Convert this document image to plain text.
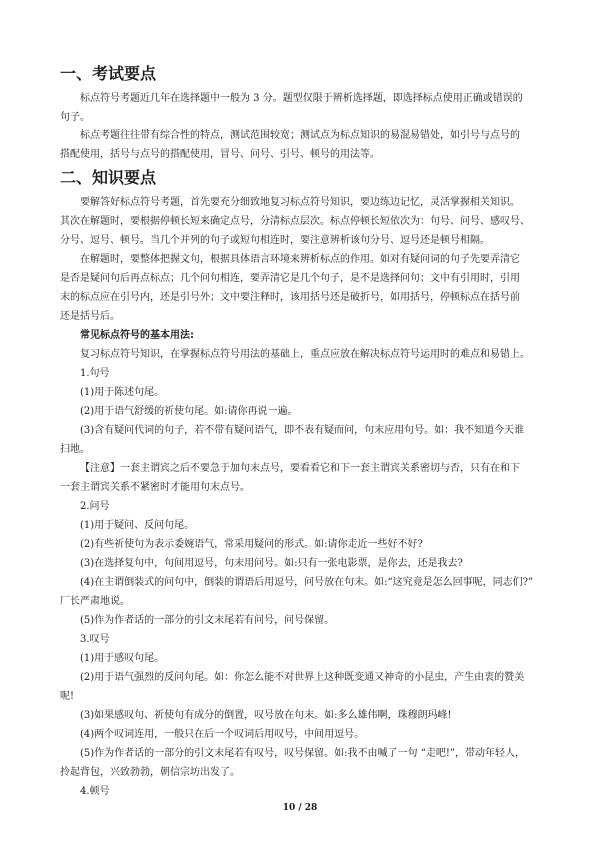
一、考试要点
标点符号考题近几年在选择题中一般为 3 分。题型仅限于辨析选择题，即选择标点使用正确或错误的
句子。
标点考题往往带有综合性的特点，测试范围较宽；测试点为标点知识的易混易错处，如引号与点号的
搭配使用，括号与点号的搭配使用，冒号、问号、引号、顿号的用法等。
二、知识要点
要解答好标点符号考题，首先要充分细致地复习标点符号知识，要边练边记忆，灵活掌握相关知识。
其次在解题时，要根据停顿长短来确定点号，分清标点层次。标点停顿长短依次为：句号、问号、感叹号、
分号、逗号、顿号。当几个并列的句子或短句相连时，要注意辨析该句分号、逗号还是顿号相隔。
在解题时，要整体把握文句，根据具体语言环境来辨析标点的作用。如对有疑问词的句子先要弄清它
是否是疑问句后再点标点；几个问句相连，要弄清它是几个句子，是不是选择问句；文中有引用时，引用
末的标点应在引号内，还是引号外；文中要注释时，该用括号还是破折号，如用括号，停顿标点在括号前
还是括号后。
常见标点符号的基本用法:
复习标点符号知识，在掌握标点符号用法的基础上，重点应放在解决标点符号运用时的难点和易错上。
1.句号
(1)用于陈述句尾。
(2)用于语气舒缓的祈使句尾。如:请你再说一遍。
(3)含有疑问代词的句子，若不带有疑问语气，即不表有疑而问，句末应用句号。如：我不知道今天谁
扫地。
【注意】一套主谓宾之后不要急于加句末点号，要看看它和下一套主谓宾关系密切与否，只有在和下
一套主谓宾关系不紧密时才能用句末点号。
2.问号
(1)用于疑问、反问句尾。
(2)有些祈使句为表示委婉语气，常采用疑问的形式。如:请你走近一些好不好?
(3)在选择复句中，句间用逗号，句末用问号。如:只有一张电影票，是你去，还是我去?
(4)在主谓倒装式的问句中，倒装的谓语后用逗号，问号放在句末。如:“这究竟是怎么回事呢，同志们?”
厂长严肃地说。
(5)作为作者话的一部分的引文末尾若有问号，问号保留。
3.叹号
(1)用于感叹句尾。
(2)用于语气强烈的反问句尾。如：你怎么能不对世界上这种既变通又神奇的小昆虫，产生由衷的赞美
呢!
(3)如果感叹句、祈使句有成分的倒置，叹号放在句末。如:多么雄伟啊，珠穆朗玛峰!
(4)两个叹词连用，一般只在后一个叹词后用叹号，中间用逗号。
(5)作为作者话的一部分的引文末尾若有叹号，叹号保留。如:我不由喊了一句 “走吧!”，带动年轻人，
拎起背包，兴致勃勃，朝信宗坊出发了。
4.顿号
10 / 28
